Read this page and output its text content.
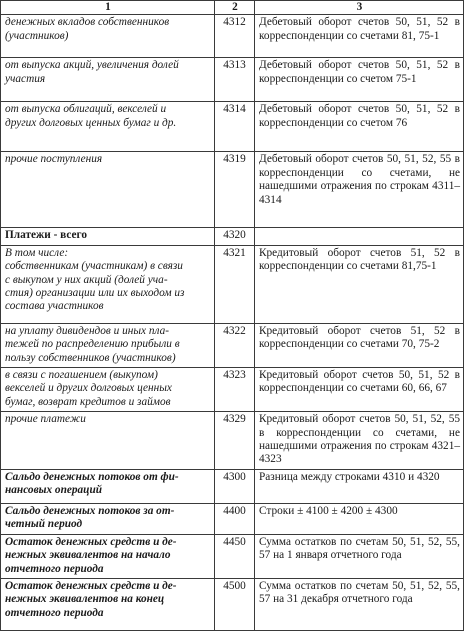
1	2	3

денежных вкладов собственников
(участников)	4312	Дебетовый оборот счетов 50, 51, 52 в корреспонденции со счетами 81, 75-1

от выпуска акций, увеличения долей
участия	4313	Дебетовый оборот счетов 50, 51, 52 в корреспонденции со счетом 75-1

от выпуска облигаций, векселей и
других долговых ценных бумаг и др.	4314	Дебетовый оборот счетов 50, 51, 52 в корреспонденции со счетом 76

прочие поступления	4319	Дебетовый оборот счетов 50, 51, 52, 55 в корреспонденции со счетами, не нашедшими отражения по строкам 4311–4314

Платежи - всего	4320	

В том числе:
собственникам (участникам) в связи
с выкупом у них акций (долей уча-
стия) организации или их выходом из
состава участников	4321	Кредитовый оборот счетов 51, 52 в корреспонденции со счетами 81,75-1

на уплату дивидендов и иных пла-
тежей по распределению прибыли в
пользу собственников (участников)	4322	Кредитовый оборот счетов 51, 52 в корреспонденции со счетами 70, 75-2

в связи с погашением (выкупом)
векселей и других долговых ценных
бумаг, возврат кредитов и займов	4323	Кредитовый оборот счетов 50, 51, 52 в корреспонденции со счетами 60, 66, 67

прочие платежи	4329	Кредитовый оборот счетов 50, 51, 52, 55 в корреспонденции со счетами, не нашедшими отражения по строкам 4321–4323

Сальдо денежных потоков от фи-
нансовых операций	4300	Разница между строками 4310 и 4320

Сальдо денежных потоков за от-
четный период	4400	Строки ± 4100 ± 4200 ± 4300

Остаток денежных средств и де-
нежных эквивалентов на начало
отчетного периода	4450	Сумма остатков по счетам 50, 51, 52, 55, 57 на 1 января отчетного года

Остаток денежных средств и де-
нежных эквивалентов на конец
отчетного периода	4500	Сумма остатков по счетам 50, 51, 52, 55, 57 на 31 декабря отчетного года
